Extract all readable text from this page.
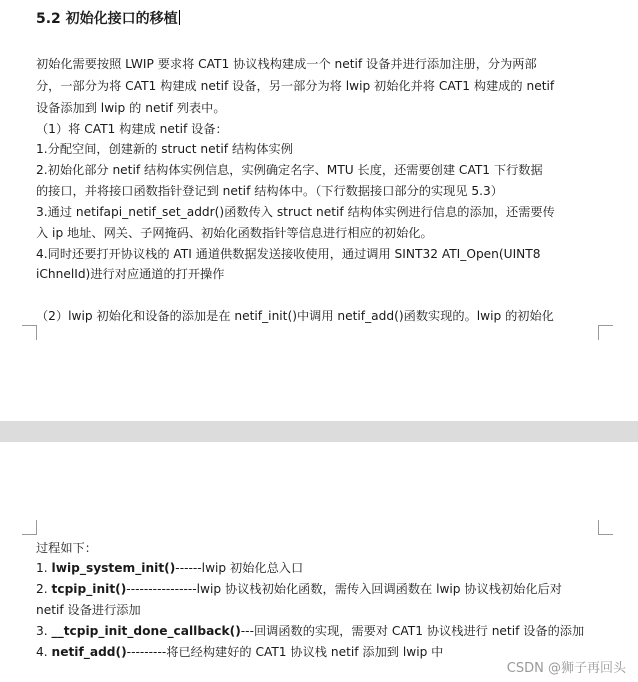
5.2 初始化接口的移植
初始化需要按照 LWIP 要求将 CAT1 协议栈构建成一个 netif 设备并进行添加注册，分为两部
分，一部分为将 CAT1 构建成 netif 设备，另一部分为将 lwip 初始化并将 CAT1 构建成的 netif
设备添加到 lwip 的 netif 列表中。
（1）将 CAT1 构建成 netif 设备：
1.分配空间，创建新的 struct netif 结构体实例
2.初始化部分 netif 结构体实例信息，实例确定名字、MTU 长度，还需要创建 CAT1 下行数据
的接口，并将接口函数指针登记到 netif 结构体中。（下行数据接口部分的实现见 5.3）
3.通过 netifapi_netif_set_addr()函数传入 struct netif 结构体实例进行信息的添加，还需要传
入 ip 地址、网关、子网掩码、初始化函数指针等信息进行相应的初始化。
4.同时还要打开协议栈的 ATI 通道供数据发送接收使用，通过调用 SINT32 ATI_Open(UINT8
iChnelId)进行对应通道的打开操作
（2）lwip 初始化和设备的添加是在 netif_init()中调用 netif_add()函数实现的。lwip 的初始化
过程如下：
1. lwip_system_init()------lwip 初始化总入口
2. tcpip_init()----------------lwip 协议栈初始化函数，需传入回调函数在 lwip 协议栈初始化后对
netif 设备进行添加
3. __tcpip_init_done_callback()---回调函数的实现，需要对 CAT1 协议栈进行 netif 设备的添加
4. netif_add()---------将已经构建好的 CAT1 协议栈 netif 添加到 lwip 中
CSDN @狮子再回头
